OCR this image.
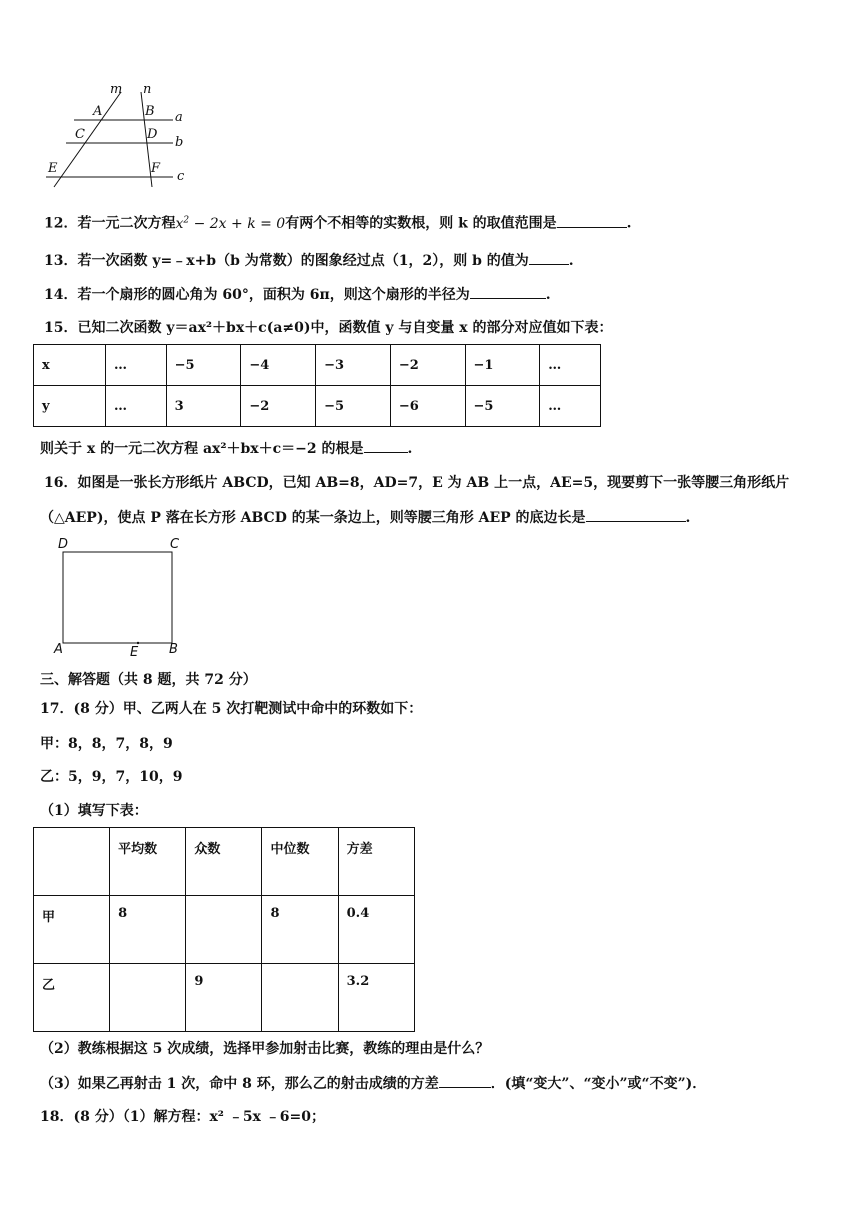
m n
A	B a
C	D
b
E	F
c
12．若一元二次方程$x^2 - 2x + k = 0$有两个不相等的实数根，则 k 的取值范围是	.
13．若一次函数 y=﹣x+b（b 为常数）的图象经过点（1，2），则 b 的值为	.
14．若一个扇形的圆心角为 60°，面积为 6π，则这个扇形的半径为	.
15．已知二次函数 y＝ax²＋bx＋c(a≠0)中，函数值 y 与自变量 x 的部分对应值如下表：
x	…	−5	−4	−3	−2	−1	…
y	…	3	−2	−5	−6	−5	…
则关于 x 的一元二次方程 ax²＋bx＋c＝−2 的根是	.
16．如图是一张长方形纸片 ABCD，已知 AB=8，AD=7，E 为 AB 上一点，AE=5，现要剪下一张等腰三角形纸片
（△AEP)，使点 P 落在长方形 ABCD 的某一条边上，则等腰三角形 AEP 的底边长是	.
D	C
A	E B
三、解答题（共 8 题，共 72 分）
17．(8 分）甲、乙两人在 5 次打靶测试中命中的环数如下：
甲：8，8，7，8，9
乙：5，9，7，10，9
（1）填写下表：
	平均数	众数	中位数	方差
甲	8		8	0.4
乙		9		3.2
（2）教练根据这 5 次成绩，选择甲参加射击比赛，教练的理由是什么？
（3）如果乙再射击 1 次，命中 8 环，那么乙的射击成绩的方差	．(填“变大”、“变小”或“不变”)．
18．(8 分）（1）解方程：x² ﹣5x ﹣6=0；
